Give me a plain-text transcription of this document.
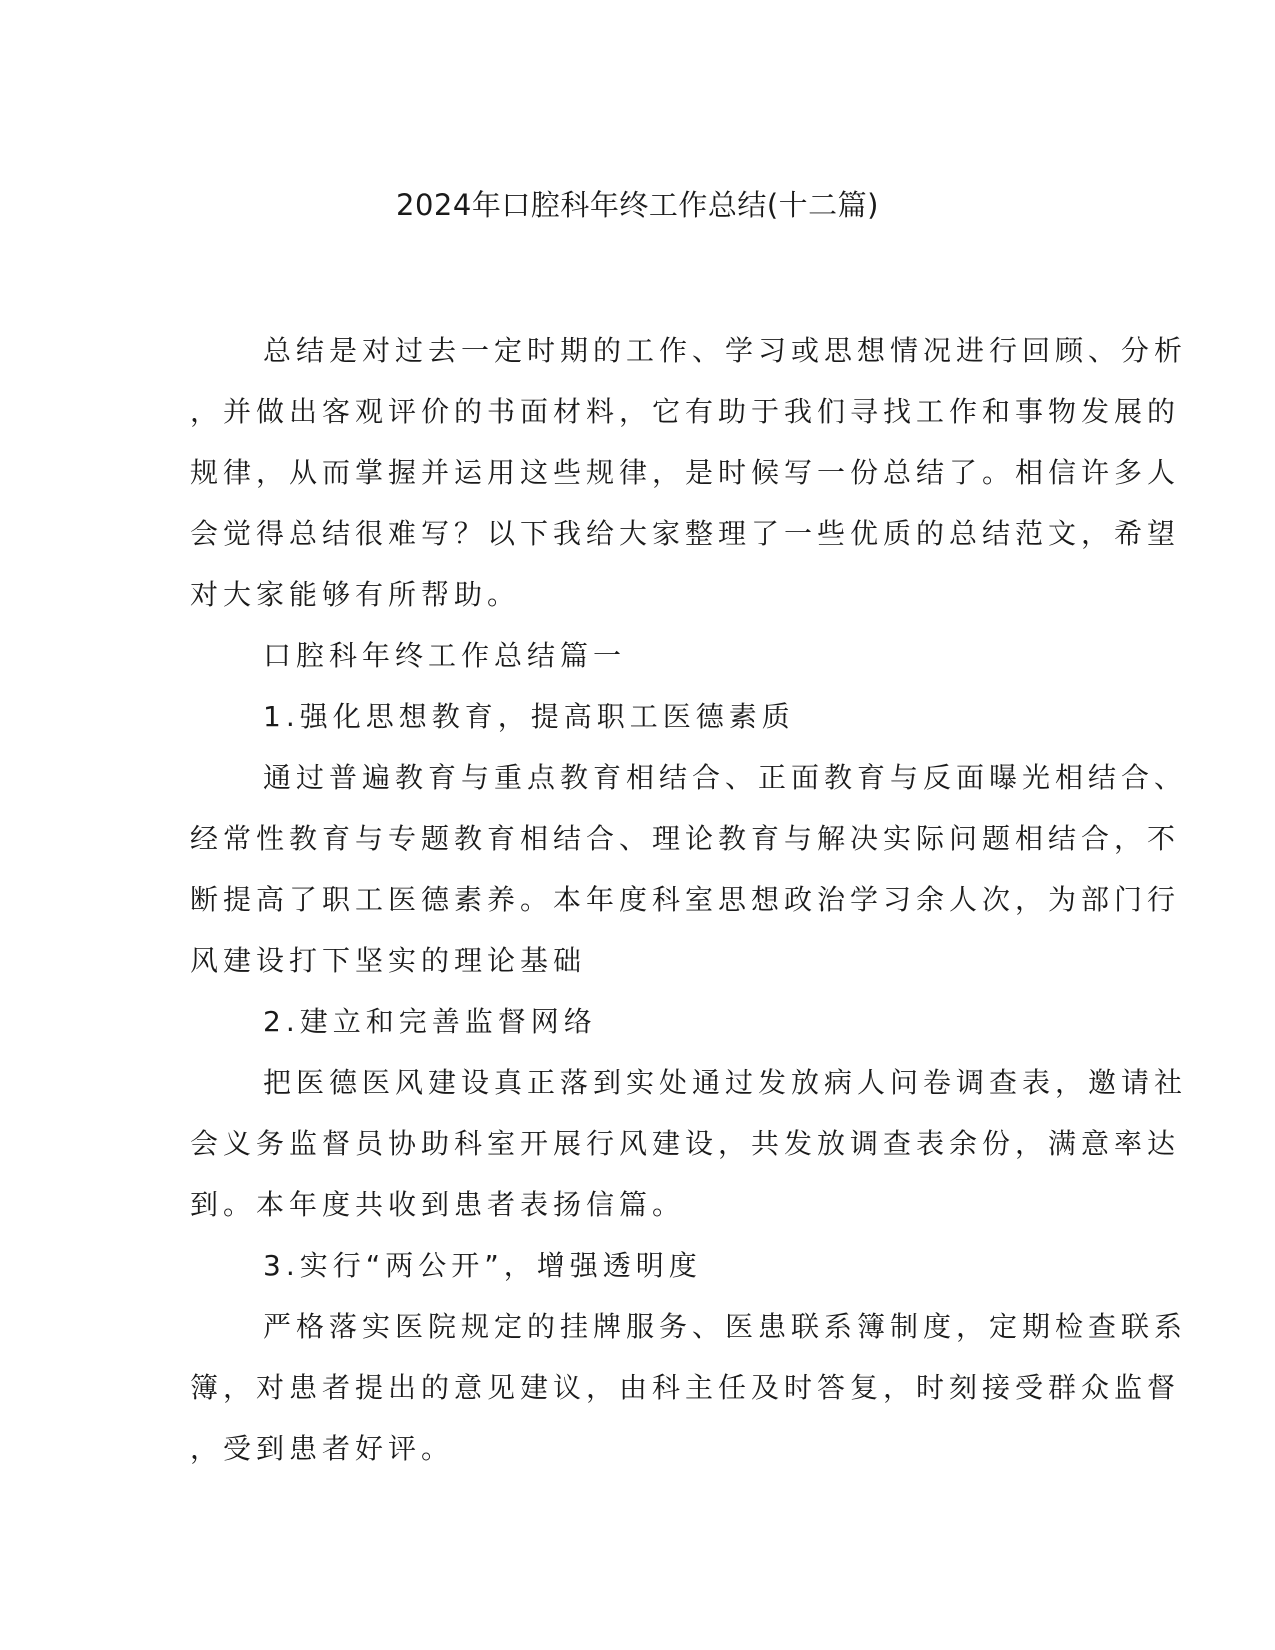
2024年口腔科年终工作总结(十二篇)
总结是对过去一定时期的工作、学习或思想情况进行回顾、分析
，并做出客观评价的书面材料，它有助于我们寻找工作和事物发展的
规律，从而掌握并运用这些规律，是时候写一份总结了。相信许多人
会觉得总结很难写？以下我给大家整理了一些优质的总结范文，希望
对大家能够有所帮助。
口腔科年终工作总结篇一
1.强化思想教育，提高职工医德素质
通过普遍教育与重点教育相结合、正面教育与反面曝光相结合、
经常性教育与专题教育相结合、理论教育与解决实际问题相结合，不
断提高了职工医德素养。本年度科室思想政治学习余人次，为部门行
风建设打下坚实的理论基础
2.建立和完善监督网络
把医德医风建设真正落到实处通过发放病人问卷调查表，邀请社
会义务监督员协助科室开展行风建设，共发放调查表余份，满意率达
到。本年度共收到患者表扬信篇。
3.实行“两公开”，增强透明度
严格落实医院规定的挂牌服务、医患联系簿制度，定期检查联系
簿，对患者提出的意见建议，由科主任及时答复，时刻接受群众监督
，受到患者好评。
